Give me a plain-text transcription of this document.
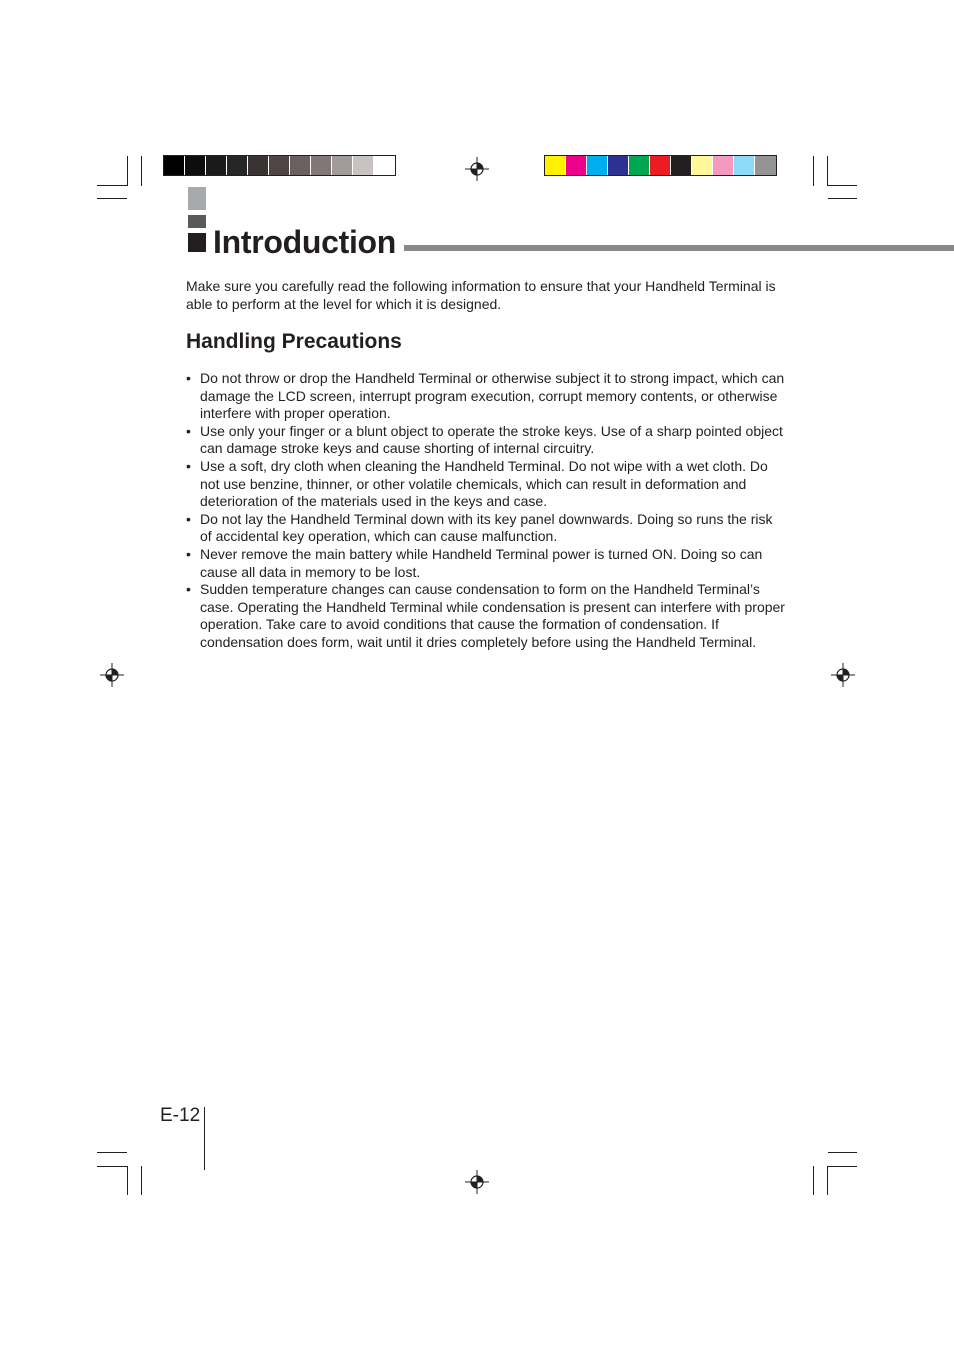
Introduction

Make sure you carefully read the following information to ensure that your Handheld Terminal is able to perform at the level for which it is designed.

Handling Precautions
• Do not throw or drop the Handheld Terminal or otherwise subject it to strong impact, which can damage the LCD screen, interrupt program execution, corrupt memory contents, or otherwise interfere with proper operation.
• Use only your finger or a blunt object to operate the stroke keys. Use of a sharp pointed object can damage stroke keys and cause shorting of internal circuitry.
• Use a soft, dry cloth when cleaning the Handheld Terminal. Do not wipe with a wet cloth. Do not use benzine, thinner, or other volatile chemicals, which can result in deformation and deterioration of the materials used in the keys and case.
• Do not lay the Handheld Terminal down with its key panel downwards. Doing so runs the risk of accidental key operation, which can cause malfunction.
• Never remove the main battery while Handheld Terminal power is turned ON. Doing so can cause all data in memory to be lost.
• Sudden temperature changes can cause condensation to form on the Handheld Terminal’s case. Operating the Handheld Terminal while condensation is present can interfere with proper operation. Take care to avoid conditions that cause the formation of condensation. If condensation does form, wait until it dries completely before using the Handheld Terminal.
E-12
